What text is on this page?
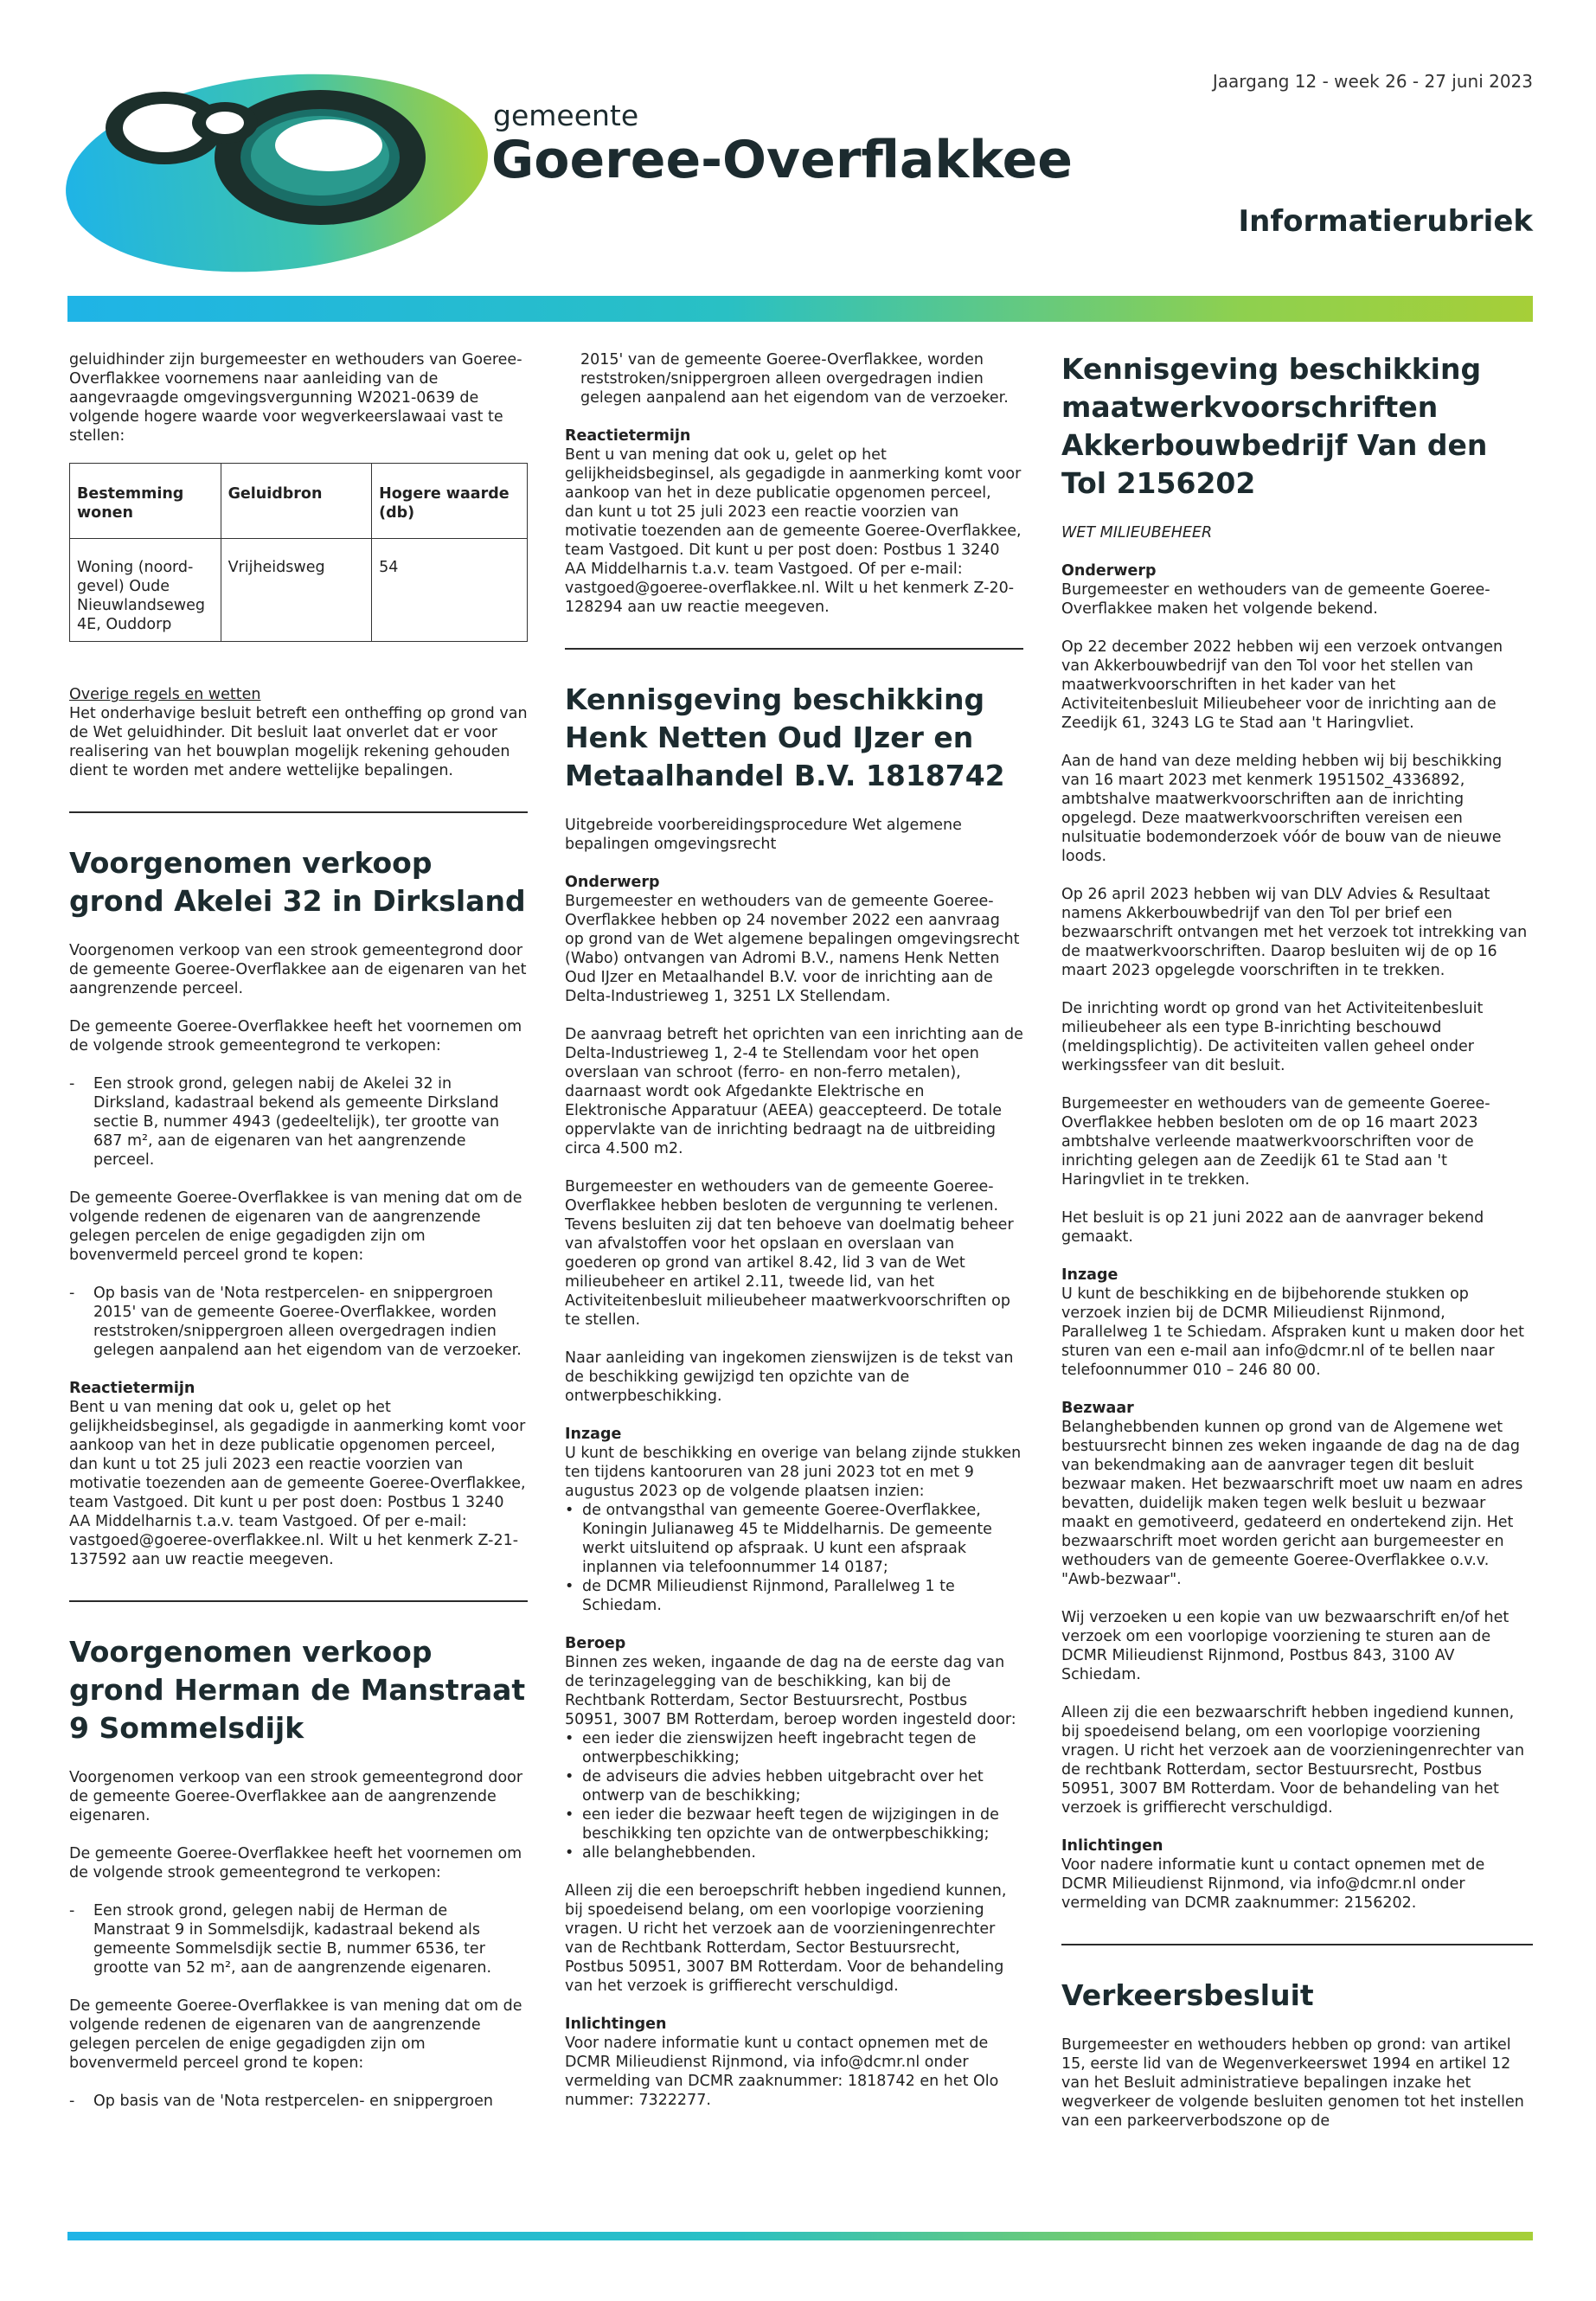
gemeente
Goeree-Overflakkee
Jaargang 12 - week 26 - 27 juni 2023
Informatierubriek

geluidhinder zijn burgemeester en wethouders van Goeree-Overflakkee voornemens naar aanleiding van de aangevraagde omgevingsvergunning W2021-0639 de volgende hogere waarde voor wegverkeerslawaai vast te stellen:

Bestemming wonen	Geluidbron	Hogere waarde (db)
Woning (noord-gevel) Oude Nieuwlandseweg 4E, Ouddorp	Vrijheidsweg	54

Overige regels en wetten
Het onderhavige besluit betreft een ontheffing op grond van de Wet geluidhinder. Dit besluit laat onverlet dat er voor realisering van het bouwplan mogelijk rekening gehouden dient te worden met andere wettelijke bepalingen.

Voorgenomen verkoop grond Akelei 32 in Dirksland

Voorgenomen verkoop van een strook gemeentegrond door de gemeente Goeree-Overflakkee aan de eigenaren van het aangrenzende perceel.

De gemeente Goeree-Overflakkee heeft het voornemen om de volgende strook gemeentegrond te verkopen:

- Een strook grond, gelegen nabij de Akelei 32 in Dirksland, kadastraal bekend als gemeente Dirksland sectie B, nummer 4943 (gedeeltelijk), ter grootte van 687 m², aan de eigenaren van het aangrenzende perceel.

De gemeente Goeree-Overflakkee is van mening dat om de volgende redenen de eigenaren van de aangrenzende gelegen percelen de enige gegadigden zijn om bovenvermeld perceel grond te kopen:

- Op basis van de 'Nota restpercelen- en snippergroen 2015' van de gemeente Goeree-Overflakkee, worden reststroken/snippergroen alleen overgedragen indien gelegen aanpalend aan het eigendom van de verzoeker.

Reactietermijn
Bent u van mening dat ook u, gelet op het gelijkheidsbeginsel, als gegadigde in aanmerking komt voor aankoop van het in deze publicatie opgenomen perceel, dan kunt u tot 25 juli 2023 een reactie voorzien van motivatie toezenden aan de gemeente Goeree-Overflakkee, team Vastgoed. Dit kunt u per post doen: Postbus 1 3240 AA Middelharnis t.a.v. team Vastgoed. Of per e-mail: vastgoed@goeree-overflakkee.nl. Wilt u het kenmerk Z-21-137592 aan uw reactie meegeven.

Voorgenomen verkoop grond Herman de Manstraat 9 Sommelsdijk

Voorgenomen verkoop van een strook gemeentegrond door de gemeente Goeree-Overflakkee aan de aangrenzende eigenaren.

De gemeente Goeree-Overflakkee heeft het voornemen om de volgende strook gemeentegrond te verkopen:

- Een strook grond, gelegen nabij de Herman de Manstraat 9 in Sommelsdijk, kadastraal bekend als gemeente Sommelsdijk sectie B, nummer 6536, ter grootte van 52 m², aan de aangrenzende eigenaren.

De gemeente Goeree-Overflakkee is van mening dat om de volgende redenen de eigenaren van de aangrenzende gelegen percelen de enige gegadigden zijn om bovenvermeld perceel grond te kopen:

- Op basis van de 'Nota restpercelen- en snippergroen

2015' van de gemeente Goeree-Overflakkee, worden reststroken/snippergroen alleen overgedragen indien gelegen aanpalend aan het eigendom van de verzoeker.

Reactietermijn
Bent u van mening dat ook u, gelet op het gelijkheidsbeginsel, als gegadigde in aanmerking komt voor aankoop van het in deze publicatie opgenomen perceel, dan kunt u tot 25 juli 2023 een reactie voorzien van motivatie toezenden aan de gemeente Goeree-Overflakkee, team Vastgoed. Dit kunt u per post doen: Postbus 1 3240 AA Middelharnis t.a.v. team Vastgoed. Of per e-mail: vastgoed@goeree-overflakkee.nl. Wilt u het kenmerk Z-20-128294 aan uw reactie meegeven.

Kennisgeving beschikking Henk Netten Oud IJzer en Metaalhandel B.V. 1818742

Uitgebreide voorbereidingsprocedure Wet algemene bepalingen omgevingsrecht

Onderwerp
Burgemeester en wethouders van de gemeente Goeree-Overflakkee hebben op 24 november 2022 een aanvraag op grond van de Wet algemene bepalingen omgevingsrecht (Wabo) ontvangen van Adromi B.V., namens Henk Netten Oud IJzer en Metaalhandel B.V. voor de inrichting aan de Delta-Industrieweg 1, 3251 LX Stellendam.

De aanvraag betreft het oprichten van een inrichting aan de Delta-Industrieweg 1, 2-4 te Stellendam voor het open overslaan van schroot (ferro- en non-ferro metalen), daarnaast wordt ook Afgedankte Elektrische en Elektronische Apparatuur (AEEA) geaccepteerd. De totale oppervlakte van de inrichting bedraagt na de uitbreiding circa 4.500 m2.

Burgemeester en wethouders van de gemeente Goeree-Overflakkee hebben besloten de vergunning te verlenen. Tevens besluiten zij dat ten behoeve van doelmatig beheer van afvalstoffen voor het opslaan en overslaan van goederen op grond van artikel 8.42, lid 3 van de Wet milieubeheer en artikel 2.11, tweede lid, van het Activiteitenbesluit milieubeheer maatwerkvoorschriften op te stellen.

Naar aanleiding van ingekomen zienswijzen is de tekst van de beschikking gewijzigd ten opzichte van de ontwerpbeschikking.

Inzage
U kunt de beschikking en overige van belang zijnde stukken ten tijdens kantooruren van 28 juni 2023 tot en met 9 augustus 2023 op de volgende plaatsen inzien:

• de ontvangsthal van gemeente Goeree-Overflakkee, Koningin Julianaweg 45 te Middelharnis. De gemeente werkt uitsluitend op afspraak. U kunt een afspraak inplannen via telefoonnummer 14 0187;
• de DCMR Milieudienst Rijnmond, Parallelweg 1 te Schiedam.

Beroep
Binnen zes weken, ingaande de dag na de eerste dag van de terinzagelegging van de beschikking, kan bij de Rechtbank Rotterdam, Sector Bestuursrecht, Postbus 50951, 3007 BM Rotterdam, beroep worden ingesteld door:

• een ieder die zienswijzen heeft ingebracht tegen de ontwerpbeschikking;
• de adviseurs die advies hebben uitgebracht over het ontwerp van de beschikking;
• een ieder die bezwaar heeft tegen de wijzigingen in de beschikking ten opzichte van de ontwerpbeschikking;
• alle belanghebbenden.

Alleen zij die een beroepschrift hebben ingediend kunnen, bij spoedeisend belang, om een voorlopige voorziening vragen. U richt het verzoek aan de voorzieningenrechter van de Rechtbank Rotterdam, Sector Bestuursrecht, Postbus 50951, 3007 BM Rotterdam. Voor de behandeling van het verzoek is griffierecht verschuldigd.

Inlichtingen
Voor nadere informatie kunt u contact opnemen met de DCMR Milieudienst Rijnmond, via info@dcmr.nl onder vermelding van DCMR zaaknummer: 1818742 en het Olo nummer: 7322277.

Kennisgeving beschikking maatwerkvoorschriften Akkerbouwbedrijf Van den Tol 2156202

WET MILIEUBEHEER

Onderwerp
Burgemeester en wethouders van de gemeente Goeree-Overflakkee maken het volgende bekend.

Op 22 december 2022 hebben wij een verzoek ontvangen van Akkerbouwbedrijf van den Tol voor het stellen van maatwerkvoorschriften in het kader van het Activiteitenbesluit Milieubeheer voor de inrichting aan de Zeedijk 61, 3243 LG te Stad aan 't Haringvliet.

Aan de hand van deze melding hebben wij bij beschikking van 16 maart 2023 met kenmerk 1951502_4336892, ambtshalve maatwerkvoorschriften aan de inrichting opgelegd. Deze maatwerkvoorschriften vereisen een nulsituatie bodemonderzoek vóór de bouw van de nieuwe loods.

Op 26 april 2023 hebben wij van DLV Advies & Resultaat namens Akkerbouwbedrijf van den Tol per brief een bezwaarschrift ontvangen met het verzoek tot intrekking van de maatwerkvoorschriften. Daarop besluiten wij de op 16 maart 2023 opgelegde voorschriften in te trekken.

De inrichting wordt op grond van het Activiteitenbesluit milieubeheer als een type B-inrichting beschouwd (meldingsplichtig). De activiteiten vallen geheel onder werkingssfeer van dit besluit.

Burgemeester en wethouders van de gemeente Goeree-Overflakkee hebben besloten om de op 16 maart 2023 ambtshalve verleende maatwerkvoorschriften voor de inrichting gelegen aan de Zeedijk 61 te Stad aan 't Haringvliet in te trekken.

Het besluit is op 21 juni 2022 aan de aanvrager bekend gemaakt.

Inzage
U kunt de beschikking en de bijbehorende stukken op verzoek inzien bij de DCMR Milieudienst Rijnmond, Parallelweg 1 te Schiedam. Afspraken kunt u maken door het sturen van een e-mail aan info@dcmr.nl of te bellen naar telefoonnummer 010 – 246 80 00.

Bezwaar
Belanghebbenden kunnen op grond van de Algemene wet bestuursrecht binnen zes weken ingaande de dag na de dag van bekendmaking aan de aanvrager tegen dit besluit bezwaar maken. Het bezwaarschrift moet uw naam en adres bevatten, duidelijk maken tegen welk besluit u bezwaar maakt en gemotiveerd, gedateerd en ondertekend zijn. Het bezwaarschrift moet worden gericht aan burgemeester en wethouders van de gemeente Goeree-Overflakkee o.v.v. "Awb-bezwaar".

Wij verzoeken u een kopie van uw bezwaarschrift en/of het verzoek om een voorlopige voorziening te sturen aan de DCMR Milieudienst Rijnmond, Postbus 843, 3100 AV Schiedam.

Alleen zij die een bezwaarschrift hebben ingediend kunnen, bij spoedeisend belang, om een voorlopige voorziening vragen. U richt het verzoek aan de voorzieningenrechter van de rechtbank Rotterdam, sector Bestuursrecht, Postbus 50951, 3007 BM Rotterdam. Voor de behandeling van het verzoek is griffierecht verschuldigd.

Inlichtingen
Voor nadere informatie kunt u contact opnemen met de DCMR Milieudienst Rijnmond, via info@dcmr.nl onder vermelding van DCMR zaaknummer: 2156202.

Verkeersbesluit

Burgemeester en wethouders hebben op grond: van artikel 15, eerste lid van de Wegenverkeerswet 1994 en artikel 12 van het Besluit administratieve bepalingen inzake het wegverkeer de volgende besluiten genomen tot het instellen van een parkeerverbodszone op de
